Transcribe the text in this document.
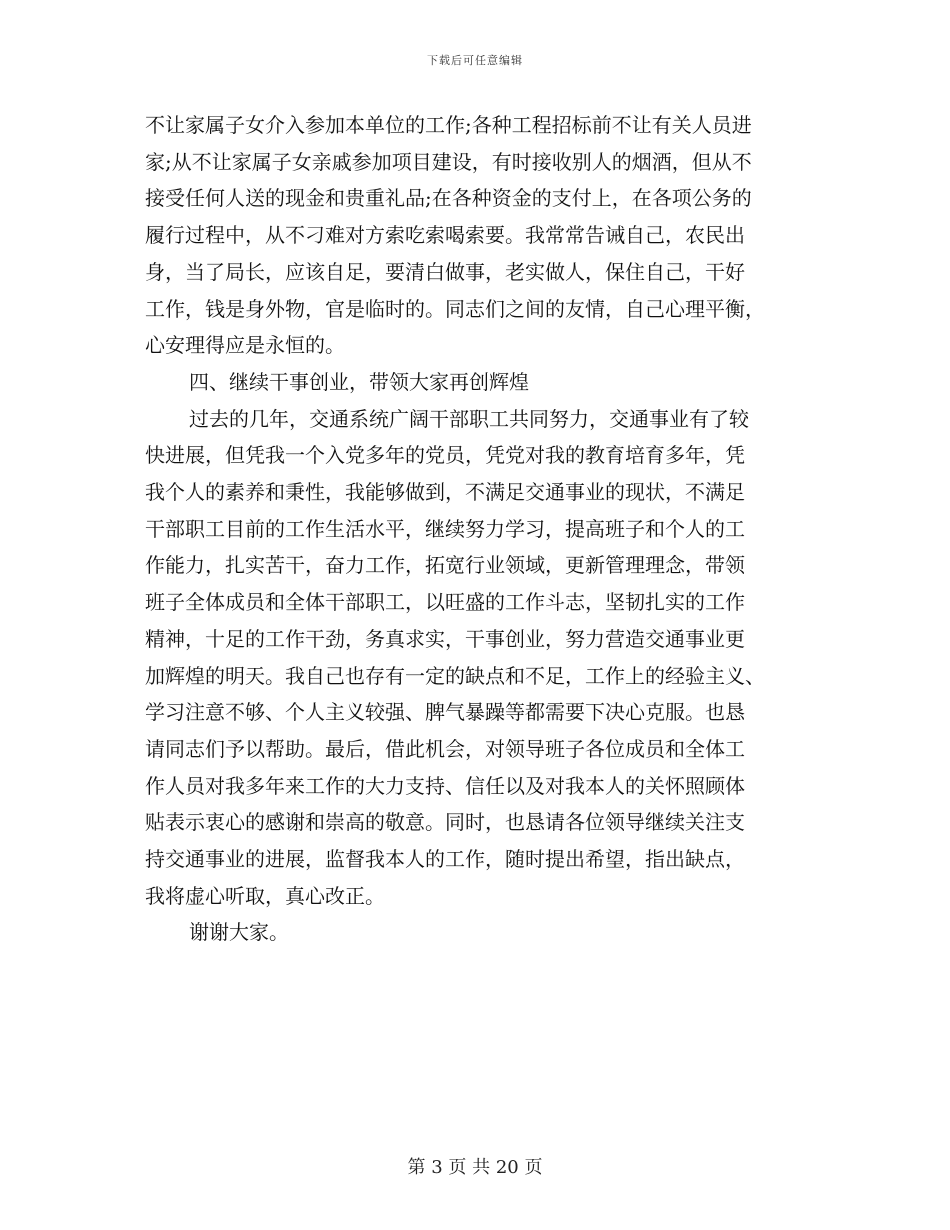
下载后可任意编辑

不让家属子女介入参加本单位的工作;各种工程招标前不让有关人员进

家;从不让家属子女亲戚参加项目建设，有时接收别人的烟酒，但从不

接受任何人送的现金和贵重礼品;在各种资金的支付上，在各项公务的

履行过程中，从不刁难对方索吃索喝索要。我常常告诫自己，农民出

身，当了局长，应该自足，要清白做事，老实做人，保住自己，干好

工作，钱是身外物，官是临时的。同志们之间的友情，自己心理平衡，

心安理得应是永恒的。

四、继续干事创业，带领大家再创辉煌

过去的几年，交通系统广阔干部职工共同努力，交通事业有了较

快进展，但凭我一个入党多年的党员，凭党对我的教育培育多年，凭

我个人的素养和秉性，我能够做到，不满足交通事业的现状，不满足

干部职工目前的工作生活水平，继续努力学习，提高班子和个人的工

作能力，扎实苦干，奋力工作，拓宽行业领域，更新管理理念，带领

班子全体成员和全体干部职工，以旺盛的工作斗志，坚韧扎实的工作

精神，十足的工作干劲，务真求实，干事创业，努力营造交通事业更

加辉煌的明天。我自己也存有一定的缺点和不足，工作上的经验主义、

学习注意不够、个人主义较强、脾气暴躁等都需要下决心克服。也恳

请同志们予以帮助。最后，借此机会，对领导班子各位成员和全体工

作人员对我多年来工作的大力支持、信任以及对我本人的关怀照顾体

贴表示衷心的感谢和崇高的敬意。同时，也恳请各位领导继续关注支

持交通事业的进展，监督我本人的工作，随时提出希望，指出缺点，

我将虚心听取，真心改正。

谢谢大家。

第 3 页 共 20 页
